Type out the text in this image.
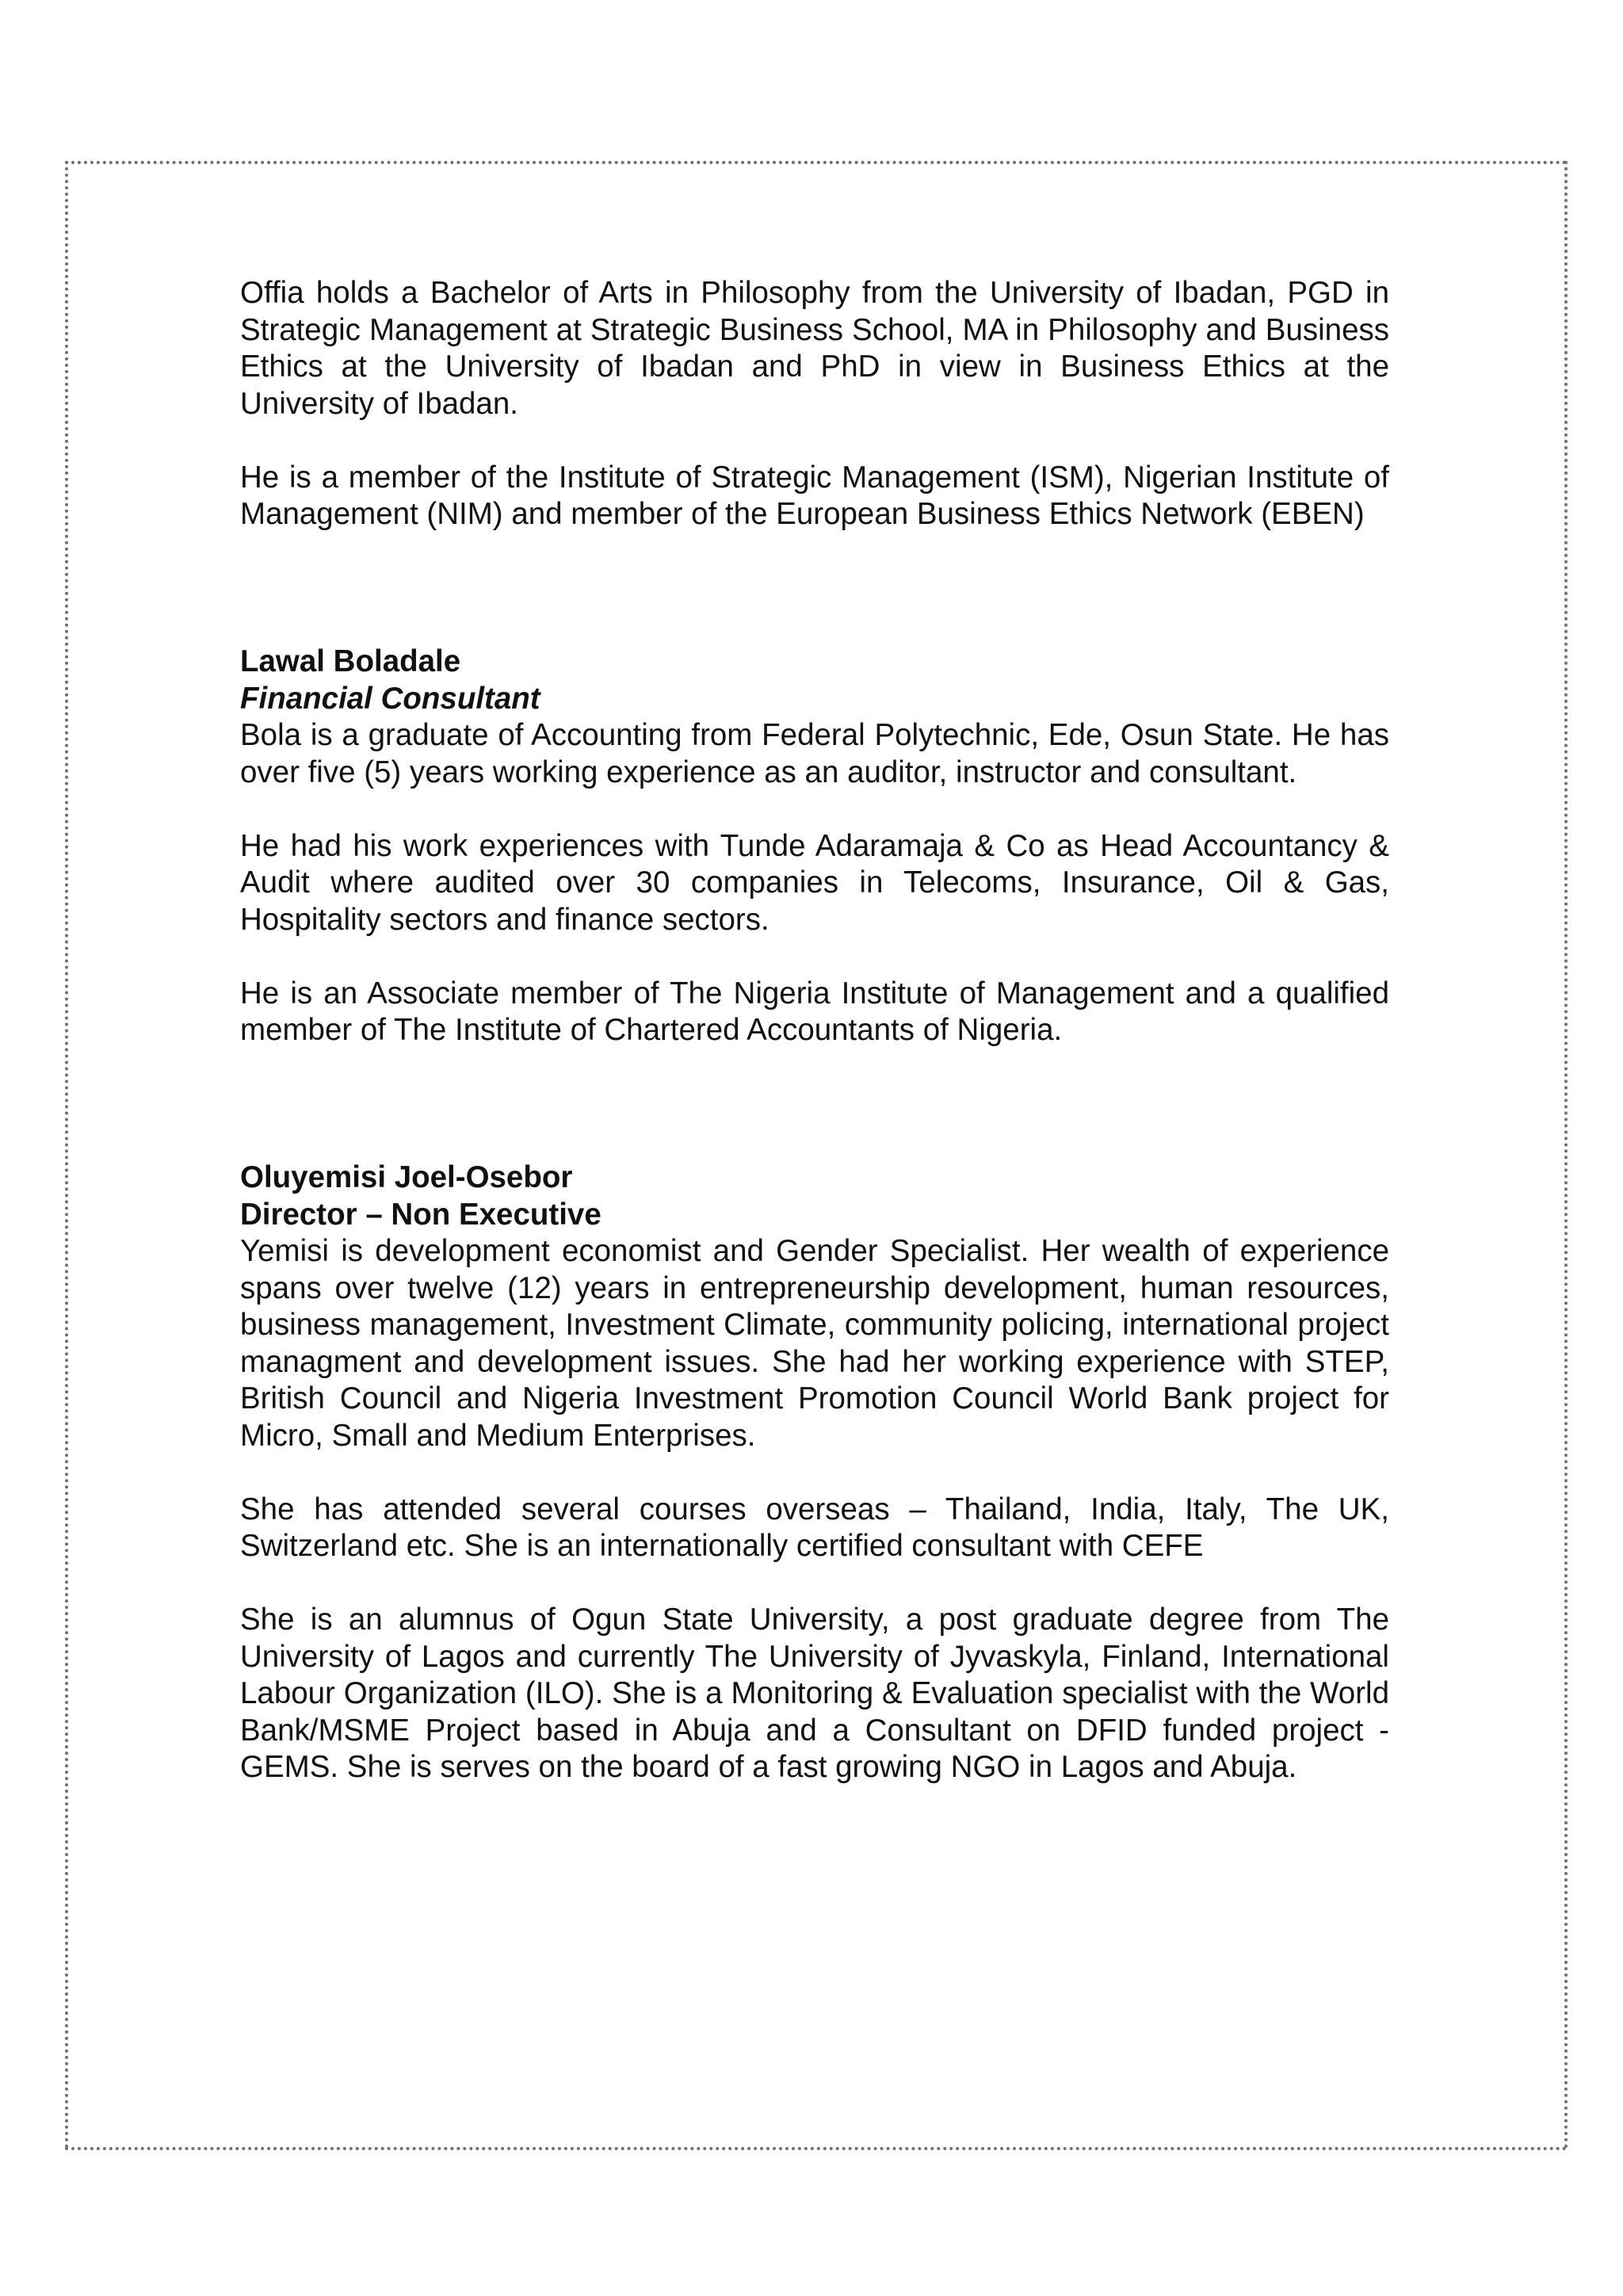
Offia holds a Bachelor of Arts in Philosophy from the University of Ibadan, PGD in Strategic Management at Strategic Business School, MA in Philosophy and Business Ethics at the University of Ibadan and PhD in view in Business Ethics at the University of Ibadan.

He is a member of the Institute of Strategic Management (ISM), Nigerian Institute of Management (NIM) and member of the European Business Ethics Network (EBEN)

Lawal Boladale
Financial Consultant

Bola is a graduate of Accounting from Federal Polytechnic, Ede, Osun State. He has over five (5) years working experience as an auditor, instructor and consultant.

He had his work experiences with Tunde Adaramaja & Co as Head Accountancy & Audit where audited over 30 companies in Telecoms, Insurance, Oil & Gas, Hospitality sectors and finance sectors.

He is an Associate member of The Nigeria Institute of Management and a qualified member of The Institute of Chartered Accountants of Nigeria.

Oluyemisi Joel-Osebor
Director – Non Executive

Yemisi is development economist and Gender Specialist. Her wealth of experience spans over twelve (12) years in entrepreneurship development, human resources, business management, Investment Climate, community policing, international project managment and development issues. She had her working experience with STEP, British Council and Nigeria Investment Promotion Council World Bank project for Micro, Small and Medium Enterprises.

She has attended several courses overseas – Thailand, India, Italy, The UK, Switzerland etc. She is an internationally certified consultant with CEFE

She is an alumnus of Ogun State University, a post graduate degree from The University of Lagos and currently The University of Jyvaskyla, Finland, International Labour Organization (ILO). She is a Monitoring & Evaluation specialist with the World Bank/MSME Project based in Abuja and a Consultant on DFID funded project - GEMS. She is serves on the board of a fast growing NGO in Lagos and Abuja.
